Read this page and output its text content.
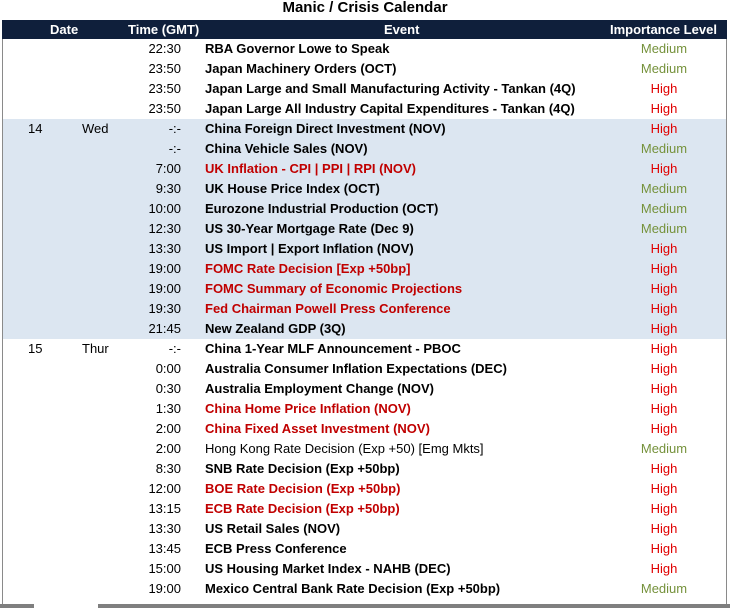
Manic / Crisis Calendar
Date	Time (GMT)	Event	Importance Level
22:30 RBA Governor Lowe to Speak	Medium
23:50 Japan Machinery Orders (OCT)	Medium
23:50 Japan Large and Small Manufacturing Activity - Tankan (4Q)	High
23:50 Japan Large All Industry Capital Expenditures - Tankan (4Q)	High
14	Wed	-:- China Foreign Direct Investment (NOV)	High
-:- China Vehicle Sales (NOV)	Medium
7:00 UK Inflation - CPI | PPI | RPI (NOV)	High
9:30 UK House Price Index (OCT)	Medium
10:00 Eurozone Industrial Production (OCT)	Medium
12:30 US 30-Year Mortgage Rate (Dec 9)	Medium
13:30 US Import | Export Inflation (NOV)	High
19:00 FOMC Rate Decision [Exp +50bp]	High
19:00 FOMC Summary of Economic Projections	High
19:30 Fed Chairman Powell Press Conference	High
21:45 New Zealand GDP (3Q)	High
15	Thur	-:- China 1-Year MLF Announcement - PBOC	High
0:00 Australia Consumer Inflation Expectations (DEC)	High
0:30 Australia Employment Change (NOV)	High
1:30 China Home Price Inflation (NOV)	High
2:00 China Fixed Asset Investment (NOV)	High
2:00 Hong Kong Rate Decision (Exp +50) [Emg Mkts]	Medium
8:30 SNB Rate Decision (Exp +50bp)	High
12:00 BOE Rate Decision (Exp +50bp)	High
13:15 ECB Rate Decision (Exp +50bp)	High
13:30 US Retail Sales (NOV)	High
13:45 ECB Press Conference	High
15:00 US Housing Market Index - NAHB (DEC)	High
19:00 Mexico Central Bank Rate Decision (Exp +50bp)	Medium
